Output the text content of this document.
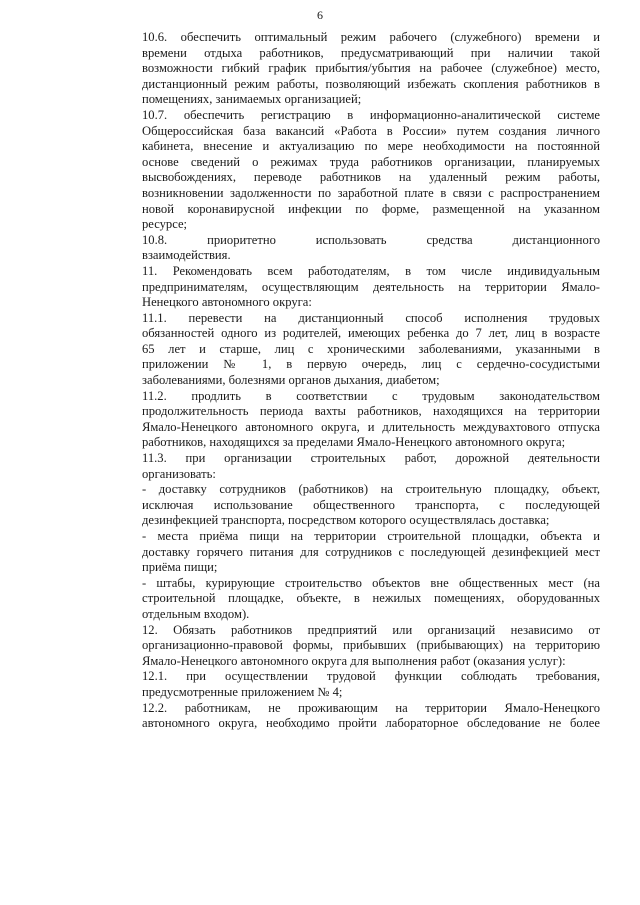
6
10.6. обеспечить оптимальный режим рабочего (служебного) времени и
времени отдыха работников, предусматривающий при наличии такой
возможности гибкий график прибытия/убытия на рабочее (служебное) место,
дистанционный режим работы, позволяющий избежать скопления работников в
помещениях, занимаемых организацией;
10.7. обеспечить регистрацию в информационно-аналитической системе
Общероссийская база вакансий «Работа в России» путем создания личного
кабинета, внесение и актуализацию по мере необходимости на постоянной
основе сведений о режимах труда работников организации, планируемых
высвобождениях, переводе работников на удаленный режим работы,
возникновении задолженности по заработной плате в связи с распространением
новой коронавирусной инфекции по форме, размещенной на указанном
ресурсе;
10.8. приоритетно использовать средства дистанционного
взаимодействия.
11. Рекомендовать всем работодателям, в том числе индивидуальным
предпринимателям, осуществляющим деятельность на территории Ямало-
Ненецкого автономного округа:
11.1. перевести на дистанционный способ исполнения трудовых
обязанностей одного из родителей, имеющих ребенка до 7 лет, лиц в возрасте
65 лет и старше, лиц с хроническими заболеваниями, указанными в
приложении № 1, в первую очередь, лиц с сердечно-сосудистыми
заболеваниями, болезнями органов дыхания, диабетом;
11.2. продлить в соответствии с трудовым законодательством
продолжительность периода вахты работников, находящихся на территории
Ямало-Ненецкого автономного округа, и длительность междувахтового отпуска
работников, находящихся за пределами Ямало-Ненецкого автономного округа;
11.3. при организации строительных работ, дорожной деятельности
организовать:
- доставку сотрудников (работников) на строительную площадку, объект,
исключая использование общественного транспорта, с последующей
дезинфекцией транспорта, посредством которого осуществлялась доставка;
- места приёма пищи на территории строительной площадки, объекта и
доставку горячего питания для сотрудников с последующей дезинфекцией мест
приёма пищи;
- штабы, курирующие строительство объектов вне общественных мест (на
строительной площадке, объекте, в нежилых помещениях, оборудованных
отдельным входом).
12. Обязать работников предприятий или организаций независимо от
организационно-правовой формы, прибывших (прибывающих) на территорию
Ямало-Ненецкого автономного округа для выполнения работ (оказания услуг):
12.1. при осуществлении трудовой функции соблюдать требования,
предусмотренные приложением № 4;
12.2. работникам, не проживающим на территории Ямало-Ненецкого
автономного округа, необходимо пройти лабораторное обследование не более
